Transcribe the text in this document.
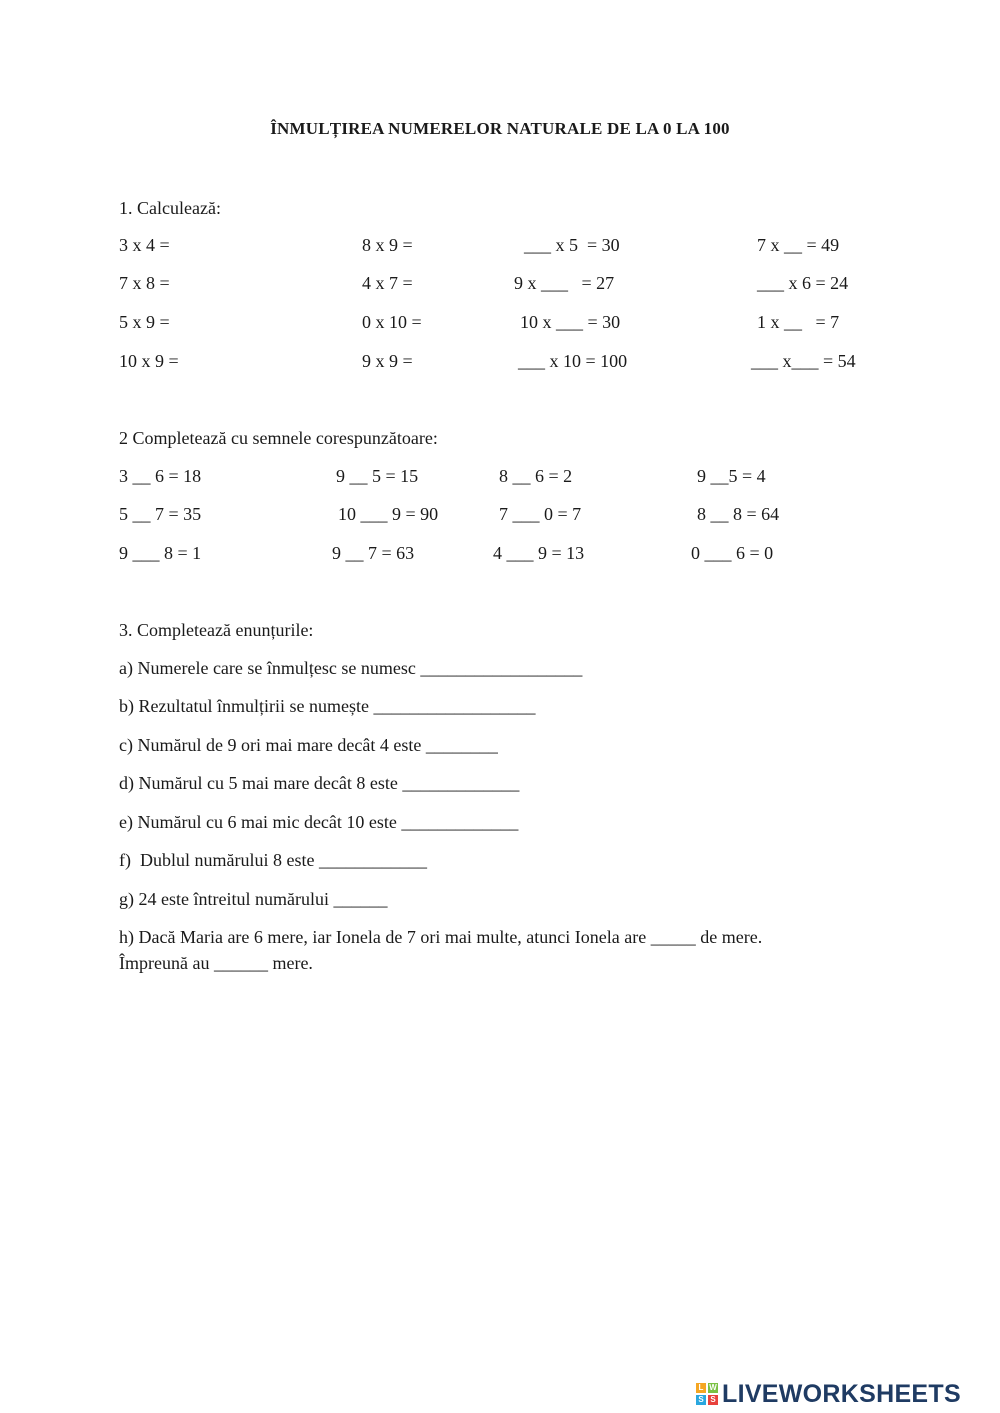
ÎNMULȚIREA NUMERELOR NATURALE DE LA 0 LA 100
1. Calculează:
3 x 4 =	8 x 9 =	___ x 5  = 30	7 x __ = 49
7 x 8 =	4 x 7 =	9 x ___   = 27	___ x 6 = 24
5 x 9 =	0 x 10 =	10 x ___ = 30	1 x __   = 7
10 x 9 =	9 x 9 =	___ x 10 = 100	___ x___ = 54
2 Completează cu semnele corespunzătoare:
3 __ 6 = 18	9 __ 5 = 15	8 __ 6 = 2	9 __5 = 4
5 __ 7 = 35	10 ___ 9 = 90	7 ___ 0 = 7	8 __ 8 = 64
9 ___ 8 = 1	9 __ 7 = 63	4 ___ 9 = 13	0 ___ 6 = 0
3. Completează enunțurile:
a) Numerele care se înmulțesc se numesc __________________
b) Rezultatul înmulțirii se numește __________________
c) Numărul de 9 ori mai mare decât 4 este ________
d) Numărul cu 5 mai mare decât 8 este _____________
e) Numărul cu 6 mai mic decât 10 este _____________
f)  Dublul numărului 8 este ____________
g) 24 este întreitul numărului ______
h) Dacă Maria are 6 mere, iar Ionela de 7 ori mai multe, atunci Ionela are _____ de mere.
Împreună au ______ mere.
L W
S S LIVEWORKSHEETS
